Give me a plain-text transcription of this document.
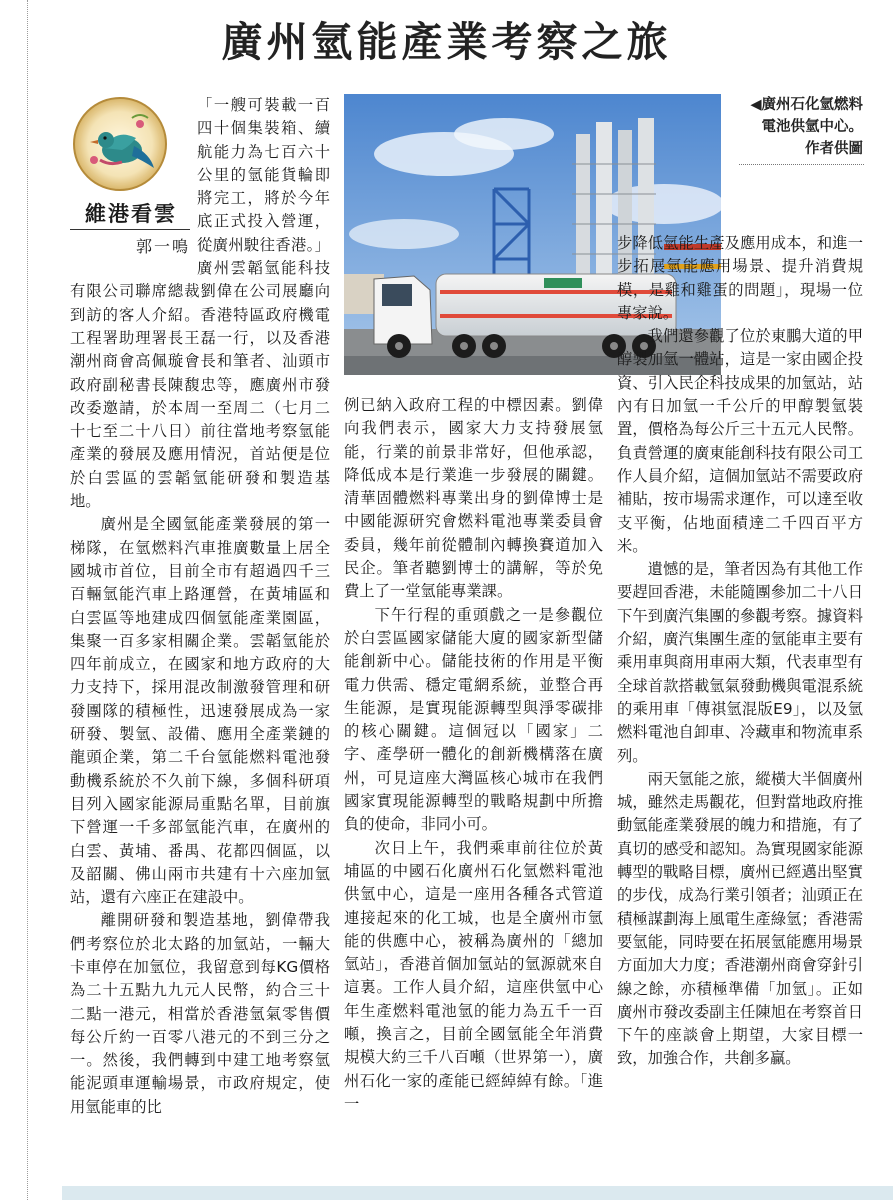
廣州氫能產業考察之旅
維港看雲
郭一鳴

「一艘可裝載一百四十個集裝箱、續航能力為七百六十公里的氫能貨輪即將完工，將於今年底正式投入營運，從廣州駛往香港。」廣州雲韜氫能科技有限公司聯席總裁劉偉在公司展廳向到訪的客人介紹。香港特區政府機電工程署助理署長王磊一行，以及香港潮州商會高佩璇會長和筆者、汕頭市政府副秘書長陳馥忠等，應廣州市發改委邀請，於本周一至周二（七月二十七至二十八日）前往當地考察氫能產業的發展及應用情況，首站便是位於白雲區的雲韜氫能研發和製造基地。

廣州是全國氫能產業發展的第一梯隊，在氫燃料汽車推廣數量上居全國城市首位，目前全市有超過四千三百輛氫能汽車上路運營，在黃埔區和白雲區等地建成四個氫能產業園區，集聚一百多家相關企業。雲韜氫能於四年前成立，在國家和地方政府的大力支持下，採用混改制激發管理和研發團隊的積極性，迅速發展成為一家研發、製氫、設備、應用全產業鏈的龍頭企業，第二千台氫能燃料電池發動機系統於不久前下線，多個科研項目列入國家能源局重點名單，目前旗下營運一千多部氫能汽車，在廣州的白雲、黃埔、番禺、花都四個區，以及韶關、佛山兩市共建有十六座加氫站，還有六座正在建設中。

離開研發和製造基地，劉偉帶我們考察位於北太路的加氫站，一輛大卡車停在加氫位，我留意到每KG價格為二十五點九九元人民幣，約合三十二點一港元，相當於香港氫氣零售價每公斤約一百零八港元的不到三分之一。然後，我們轉到中建工地考察氫能泥頭車運輸場景，市政府規定，使用氫能車的比

◀廣州石化氫燃料
電池供氫中心。
作者供圖

例已納入政府工程的中標因素。劉偉向我們表示，國家大力支持發展氫能，行業的前景非常好，但他承認，降低成本是行業進一步發展的關鍵。清華固體燃料專業出身的劉偉博士是中國能源研究會燃料電池專業委員會委員，幾年前從體制內轉換賽道加入民企。筆者聽劉博士的講解，等於免費上了一堂氫能專業課。

下午行程的重頭戲之一是參觀位於白雲區國家儲能大廈的國家新型儲能創新中心。儲能技術的作用是平衡電力供需、穩定電網系統，並整合再生能源，是實現能源轉型與淨零碳排的核心關鍵。這個冠以「國家」二字、產學研一體化的創新機構落在廣州，可見這座大灣區核心城市在我們國家實現能源轉型的戰略規劃中所擔負的使命，非同小可。

次日上午，我們乘車前往位於黃埔區的中國石化廣州石化氫燃料電池供氫中心，這是一座用各種各式管道連接起來的化工城，也是全廣州市氫能的供應中心，被稱為廣州的「總加氫站」，香港首個加氫站的氫源就來自這裏。工作人員介紹，這座供氫中心年生產燃料電池氫的能力為五千一百噸，換言之，目前全國氫能全年消費規模大約三千八百噸（世界第一），廣州石化一家的產能已經綽綽有餘。「進一

步降低氫能生產及應用成本，和進一步拓展氫能應用場景、提升消費規模，是雞和雞蛋的問題」，現場一位專家說。

我們還參觀了位於東鵬大道的甲醇製加氫一體站，這是一家由國企投資、引入民企科技成果的加氫站，站內有日加氫一千公斤的甲醇製氫裝置，價格為每公斤三十五元人民幣。負責營運的廣東能創科技有限公司工作人員介紹，這個加氫站不需要政府補貼，按市場需求運作，可以達至收支平衡，佔地面積達二千四百平方米。

遺憾的是，筆者因為有其他工作要趕回香港，未能隨團參加二十八日下午到廣汽集團的參觀考察。據資料介紹，廣汽集團生產的氫能車主要有乘用車與商用車兩大類，代表車型有全球首款搭載氫氣發動機與電混系統的乘用車「傳祺氫混版E9」，以及氫燃料電池自卸車、冷藏車和物流車系列。

兩天氫能之旅，縱橫大半個廣州城，雖然走馬觀花，但對當地政府推動氫能產業發展的魄力和措施，有了真切的感受和認知。為實現國家能源轉型的戰略目標，廣州已經邁出堅實的步伐，成為行業引領者；汕頭正在積極謀劃海上風電生產綠氫；香港需要氫能，同時要在拓展氫能應用場景方面加大力度；香港潮州商會穿針引線之餘，亦積極準備「加氫」。正如廣州市發改委副主任陳旭在考察首日下午的座談會上期望，大家目標一致，加強合作，共創多贏。
